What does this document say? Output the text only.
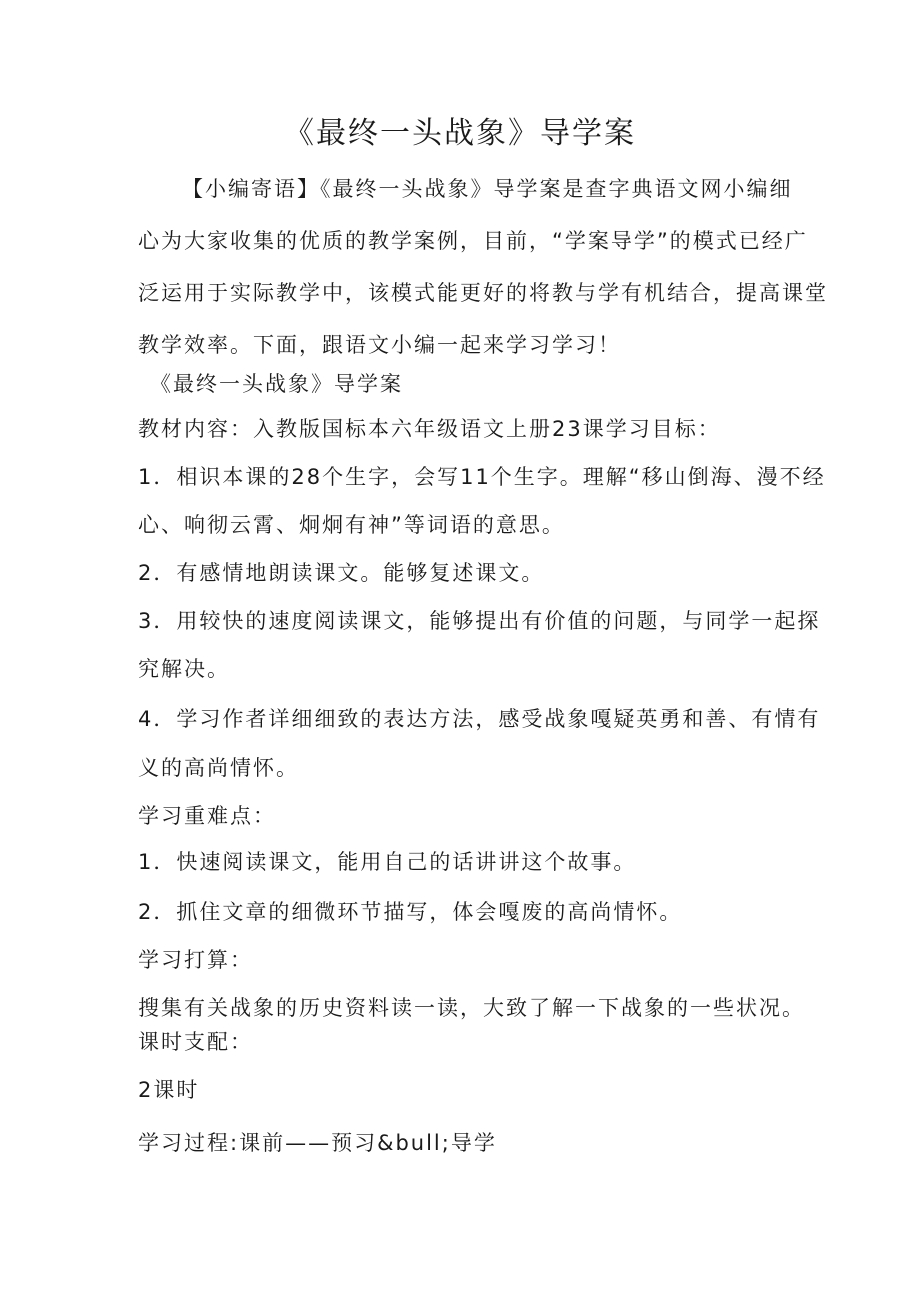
《最终一头战象》导学案
【小编寄语】《最终一头战象》导学案是查字典语文网小编细
心为大家收集的优质的教学案例，目前，“学案导学”的模式已经广
泛运用于实际教学中，该模式能更好的将教与学有机结合，提高课堂
教学效率。下面，跟语文小编一起来学习学习！
《最终一头战象》导学案
教材内容：入教版国标本六年级语文上册23课学习目标：
1．相识本课的28个生字，会写11个生字。理解“移山倒海、漫不经
心、响彻云霄、炯炯有神”等词语的意思。
2．有感情地朗读课文。能够复述课文。
3．用较快的速度阅读课文，能够提出有价值的问题，与同学一起探
究解决。
4．学习作者详细细致的表达方法，感受战象嘎疑英勇和善、有情有
义的高尚情怀。
学习重难点：
1．快速阅读课文，能用自己的话讲讲这个故事。
2．抓住文章的细微环节描写，体会嘎废的高尚情怀。
学习打算：
搜集有关战象的历史资料读一读，大致了解一下战象的一些状况。
课时支配：
2课时
学习过程:课前——预习&bull;导学
